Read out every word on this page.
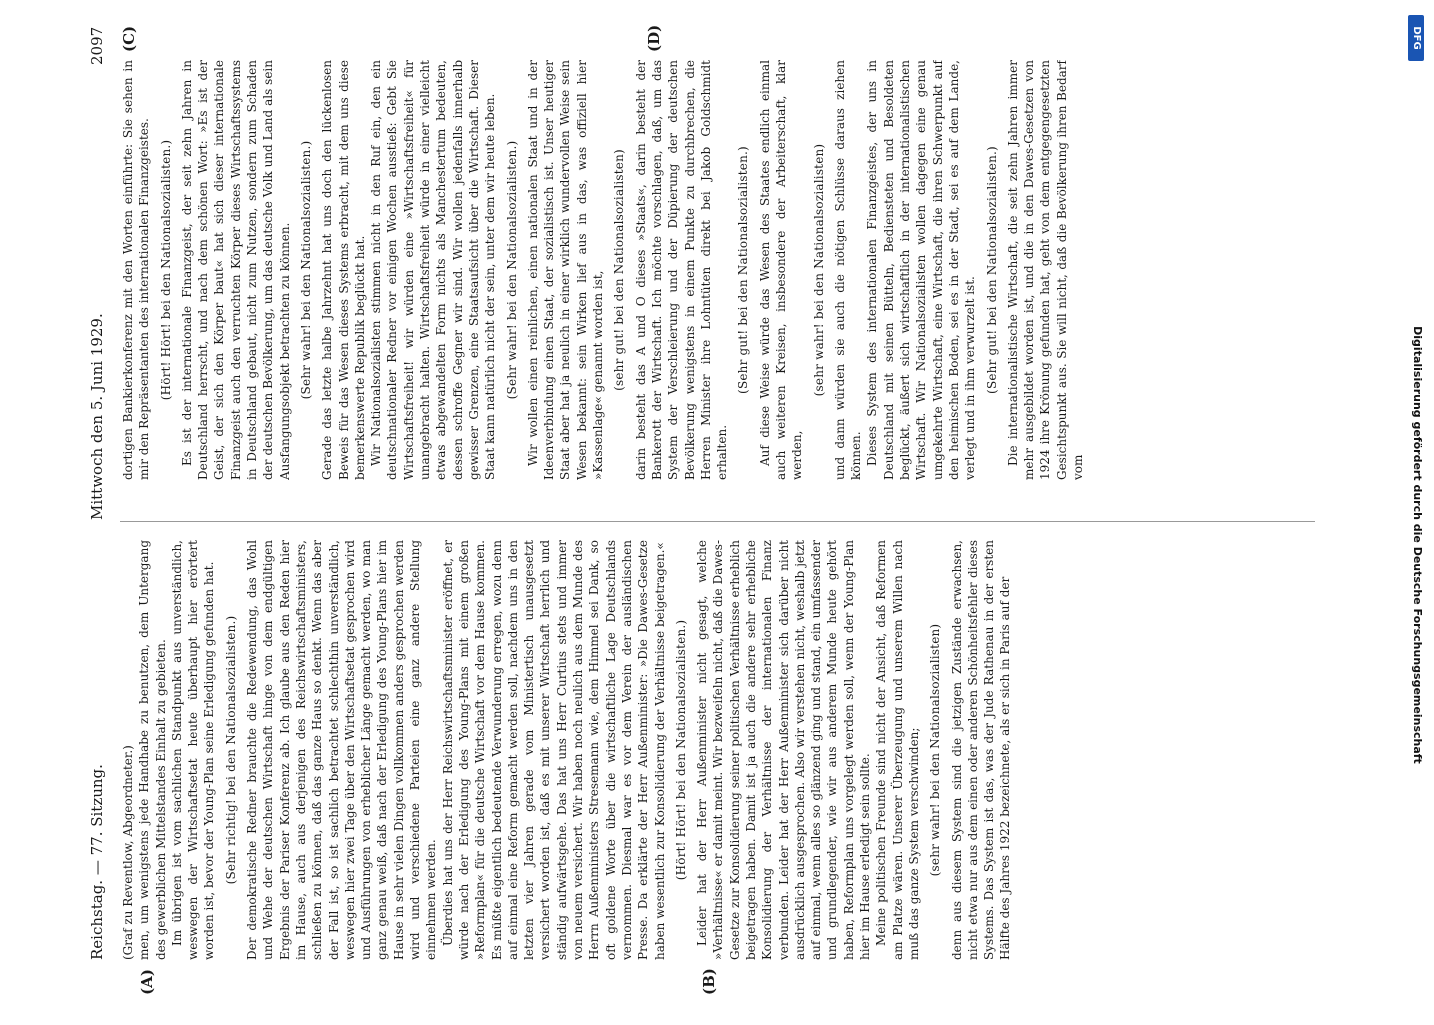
Reichstag. — 77. Sitzung.
Mittwoch den 5. Juni 1929.
2097
(A)	(B)
(C)	(D)

(Graf zu Reventlow, Abgeordneter.) men, um wenigstens jede Handhabe zu benutzen, dem Untergang des gewerblichen Mittelstandes Einhalt zu gebieten. Im übrigen ist vom sachlichen Standpunkt aus unverständlich, weswegen der Wirtschaftsetat heute überhaupt hier erörtert worden ist, bevor der Young-Plan seine Erledigung gefunden hat. (Sehr richtig! bei den Nationalsozialisten.) Der demokratische Redner brauchte die Redewendung, das Wohl und Wehe der deutschen Wirtschaft hinge von dem endgültigen Ergebnis der Pariser Konferenz ab. Ich glaube aus den Reden hier im Hause, auch aus derjenigen des Reichswirtschaftsministers, schließen zu können, daß das ganze Haus so denkt. Wenn das aber der Fall ist, so ist sachlich betrachtet schlechthin unverständlich, weswegen hier zwei Tage über den Wirtschaftsetat gesprochen wird und Ausführungen von erheblicher Länge gemacht werden, wo man ganz genau weiß, daß nach der Erledigung des Young-Plans hier im Hause in sehr vielen Dingen vollkommen anders gesprochen werden wird und verschiedene Parteien eine ganz andere Stellung einnehmen werden. Überdies hat uns der Herr Reichswirtschaftsminister eröffnet, er würde nach der Erledigung des Young-Plans mit einem großen »Reformplan« für die deutsche Wirtschaft vor dem Hause kommen. Es müßte eigentlich bedeutende Verwunderung erregen, wozu denn auf einmal eine Reform gemacht werden soll, nachdem uns in den letzten vier Jahren gerade vom Ministertisch unausgesetzt versichert worden ist, daß es mit unserer Wirtschaft herrlich und ständig aufwärtsgehe. Das hat uns Herr Curtius stets und immer von neuem versichert. Wir haben noch neulich aus dem Munde des Herrn Außenministers Stresemann wie, dem Himmel sei Dank, so oft goldene Worte über die wirtschaftliche Lage Deutschlands vernommen. Diesmal war es vor dem Verein der ausländischen Presse. Da erklärte der Herr Außenminister: »Die Dawes-Gesetze haben wesentlich zur Konsolidierung der Verhältnisse beigetragen.« (Hört! Hört! bei den Nationalsozialisten.) Leider hat der Herr Außenminister nicht gesagt, welche »Verhältnisse« er damit meint. Wir bezweifeln nicht, daß die Dawes-Gesetze zur Konsolidierung seiner politischen Verhältnisse erheblich beigetragen haben. Damit ist ja auch die andere sehr erhebliche Konsolidierung der Verhältnisse der internationalen Finanz verbunden. Leider hat der Herr Außenminister sich darüber nicht ausdrücklich ausgesprochen. Also wir verstehen nicht, weshalb jetzt auf einmal, wenn alles so glänzend ging und stand, ein umfassender und grundlegender, wie wir aus anderem Munde heute gehört haben, Reformplan uns vorgelegt werden soll, wenn der Young-Plan hier im Hause erledigt sein sollte. Meine politischen Freunde sind nicht der Ansicht, daß Reformen am Platze wären. Unserer Überzeugung und unserem Willen nach muß das ganze System verschwinden; (sehr wahr! bei den Nationalsozialisten) denn aus diesem System sind die jetzigen Zustände erwachsen, nicht etwa nur aus dem einen oder anderen Schönheitsfehler dieses Systems. Das System ist das, was der Jude Rathenau in der ersten Hälfte des Jahres 1922 bezeichnete, als er sich in Paris auf der

dortigen Bankierkonferenz mit den Worten einführte: Sie sehen in mir den Repräsentanten des internationalen Finanzgeistes. (Hört! Hört! bei den Nationalsozialisten.) Es ist der internationale Finanzgeist, der seit zehn Jahren in Deutschland herrscht, und nach dem schönen Wort: »Es ist der Geist, der sich den Körper baut« hat sich dieser internationale Finanzgeist auch den verruchten Körper dieses Wirtschaftssystems in Deutschland gebaut, nicht zum Nutzen, sondern zum Schaden der deutschen Bevölkerung, um das deutsche Volk und Land als sein Ausfangungsobjekt betrachten zu können. (Sehr wahr! bei den Nationalsozialisten.) Gerade das letzte halbe Jahrzehnt hat uns doch den lückenlosen Beweis für das Wesen dieses Systems erbracht, mit dem uns diese bemerkenswerte Republik beglückt hat. Wir Nationalsozialisten stimmen nicht in den Ruf ein, den ein deutschnationaler Redner vor einigen Wochen ausstieß: Gebt Sie Wirtschaftsfreiheit! wir würden eine »Wirtschaftsfreiheit« für unangebracht halten. Wirtschaftsfreiheit würde in einer vielleicht etwas abgewandelten Form nichts als Manchestertum bedeuten, dessen schroffe Gegner wir sind. Wir wollen jedenfalls innerhalb gewisser Grenzen, eine Staatsaufsicht über die Wirtschaft. Dieser Staat kann natürlich nicht der sein, unter dem wir heute leben. (Sehr wahr! bei den Nationalsozialisten.) Wir wollen einen reinlichen, einen nationalen Staat und in der Ideenverbindung einen Staat, der sozialistisch ist. Unser heutiger Staat aber hat ja neulich in einer wirklich wundervollen Weise sein Wesen bekannt: sein Wirken lief aus in das, was offiziell hier »Kassenlage« genannt worden ist, (sehr gut! bei den Nationalsozialisten) darin besteht das A und O dieses »Staats«, darin besteht der Bankerott der Wirtschaft. Ich möchte vorschlagen, daß, um das System der Verschleierung und der Düpierung der deutschen Bevölkerung wenigstens in einem Punkte zu durchbrechen, die Herren Minister ihre Lohntüten direkt bei Jakob Goldschmidt erhalten.

(Sehr gut! bei den Nationalsozialisten.) Auf diese Weise würde das Wesen des Staates endlich einmal auch weiteren Kreisen, insbesondere der Arbeiterschaft, klar werden,

(sehr wahr! bei den Nationalsozialisten) und dann würden sie auch die nötigen Schlüsse daraus ziehen können. Dieses System des internationalen Finanzgeistes, der uns in Deutschland mit seinen Bütteln, Bediensteten und Besoldeten beglückt, äußert sich wirtschaftlich in der internationalistischen Wirtschaft. Wir Nationalsozialisten wollen dagegen eine genau umgekehrte Wirtschaft, eine Wirtschaft, die ihren Schwerpunkt auf den heimischen Boden, sei es in der Stadt, sei es auf dem Lande, verlegt und in ihm verwurzelt ist. (Sehr gut! bei den Nationalsozialisten.) Die internationalistische Wirtschaft, die seit zehn Jahren immer mehr ausgebildet worden ist, und die in den Dawes-Gesetzen von 1924 ihre Krönung gefunden hat, geht von dem entgegengesetzten Gesichtspunkt aus. Sie will nicht, daß die Bevölkerung ihren Bedarf vom

DFG
Digitalisierung gefördert durch die Deutsche Forschungsgemeinschaft
